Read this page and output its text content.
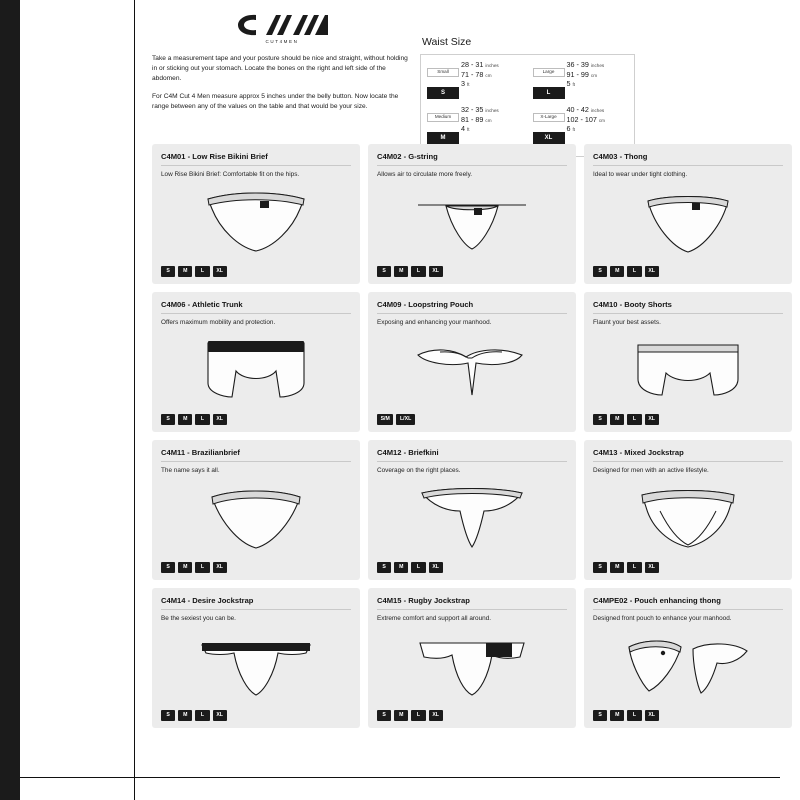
CUT4MEN

Take a measurement tape and your posture should be nice and straight, without holding in or sticking out your stomach. Locate the bones on the right and left side of the abdomen.

For C4M Cut 4 Men measure approx 5 inches under the belly button. Now locate the range between any of the values on the table and that would be your size.

Waist Size
Small
S
28 - 31 inches
71 - 78 cm
3 ft
Medium
M
32 - 35 inches
81 - 89 cm
4 ft
Large
L
36 - 39 inches
91 - 99 cm
5 ft
X-Large
XL
40 - 42 inches
102 - 107 cm
6 ft
C4M01 - Low Rise Bikini Brief

Low Rise Bikini Brief: Comfortable fit on the hips.

S	M	L	XL
C4M02 - G-string

Allows air to circulate more freely.

S	M	L	XL
C4M03 - Thong

Ideal to wear under tight clothing.

S	M	L	XL
C4M06 - Athletic Trunk

Offers maximum mobility and protection.

S	M	L	XL
C4M09 - Loopstring Pouch

Exposing and enhancing your manhood.

S/M	L/XL
C4M10 - Booty Shorts

Flaunt your best assets.

S	M	L	XL
C4M11 - Brazilianbrief

The name says it all.

S	M	L	XL
C4M12 - Briefkini

Coverage on the right places.

S	M	L	XL
C4M13 - Mixed Jockstrap

Designed for men with an active lifestyle.

S	M	L	XL
C4M14 - Desire Jockstrap

Be the sexiest you can be.

S	M	L	XL
C4M15 - Rugby Jockstrap

Extreme comfort and support all around.

S	M	L	XL
C4MPE02 - Pouch enhancing thong

Designed front pouch to enhance your manhood.

S	M	L	XL
